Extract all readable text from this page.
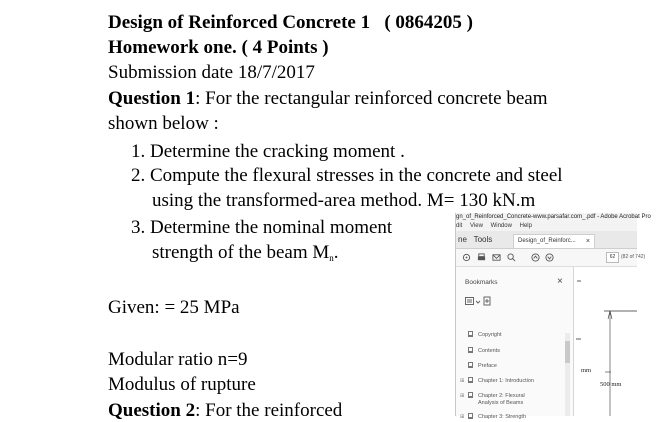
Design of Reinforced Concrete 1 ( 0864205 )
Homework one. ( 4 Points )
Submission date 18/7/2017
Question 1: For the rectangular reinforced concrete beam
shown below :
1. Determine the cracking moment .
2. Compute the flexural stresses in the concrete and steel
using the transformed-area method. M= 130 kN.m
3. Determine the nominal moment
strength of the beam $M_n$.
Given: = 25 MPa
Modular ratio n=9
Modulus of rupture
Question 2: For the reinforced
gn_of_Reinforced_Concrete-www.parsafar.com_.pdf - Adobe Acrobat Pro
dit View Window Help
ne Tools	Design_of_Reinforc... ×
62	(82 of 742)
Bookmarks	×
Copyright
Contents
Preface
⊞	Chapter 1: Introduction
⊞	Chapter 2: Flexural
Analysis of Beams
⊞	Chapter 3: Strength
mm
500 mm
